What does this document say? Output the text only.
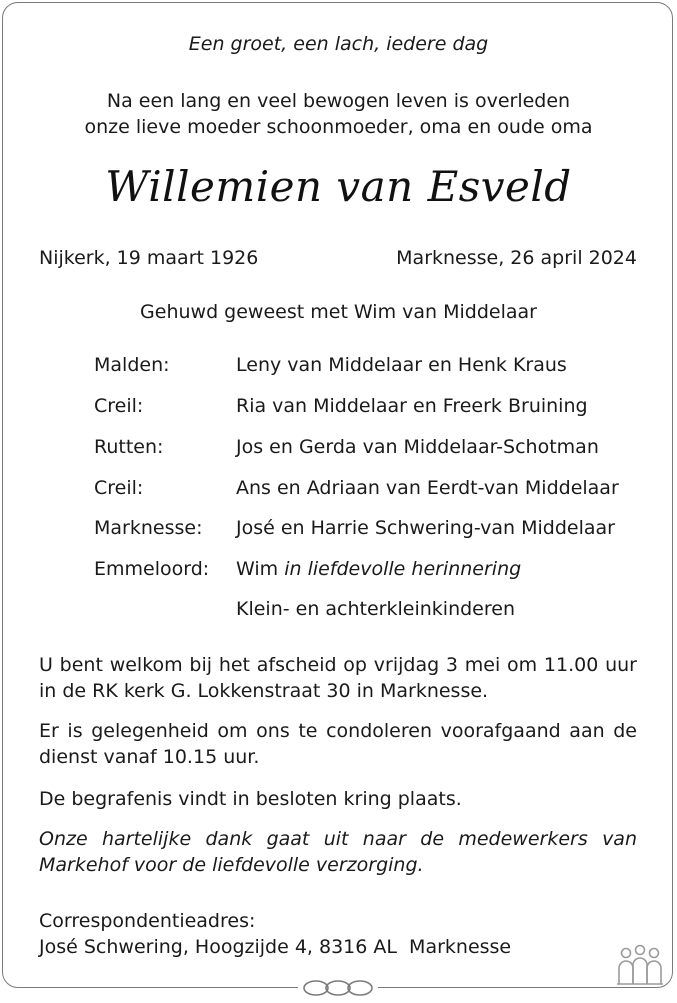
Een groet, een lach, iedere dag
Na een lang en veel bewogen leven is overleden
onze lieve moeder schoonmoeder, oma en oude oma
Willemien van Esveld
Nijkerk, 19 maart 1926	Marknesse, 26 april 2024
Gehuwd geweest met Wim van Middelaar
Malden:	Leny van Middelaar en Henk Kraus
Creil:	Ria van Middelaar en Freerk Bruining
Rutten:	Jos en Gerda van Middelaar-Schotman
Creil:	Ans en Adriaan van Eerdt-van Middelaar
Marknesse: José en Harrie Schwering-van Middelaar
Emmeloord: Wim in liefdevolle herinnering
Klein- en achterkleinkinderen
U bent welkom bij het afscheid op vrijdag 3 mei om 11.00 uur in de RK kerk G. Lokkenstraat 30 in Marknesse.
Er is gelegenheid om ons te condoleren voorafgaand aan de dienst vanaf 10.15 uur.
De begrafenis vindt in besloten kring plaats.
Onze hartelijke dank gaat uit naar de medewerkers van Markehof voor de liefdevolle verzorging.
Correspondentieadres:
José Schwering, Hoogzijde 4, 8316 AL  Marknesse
